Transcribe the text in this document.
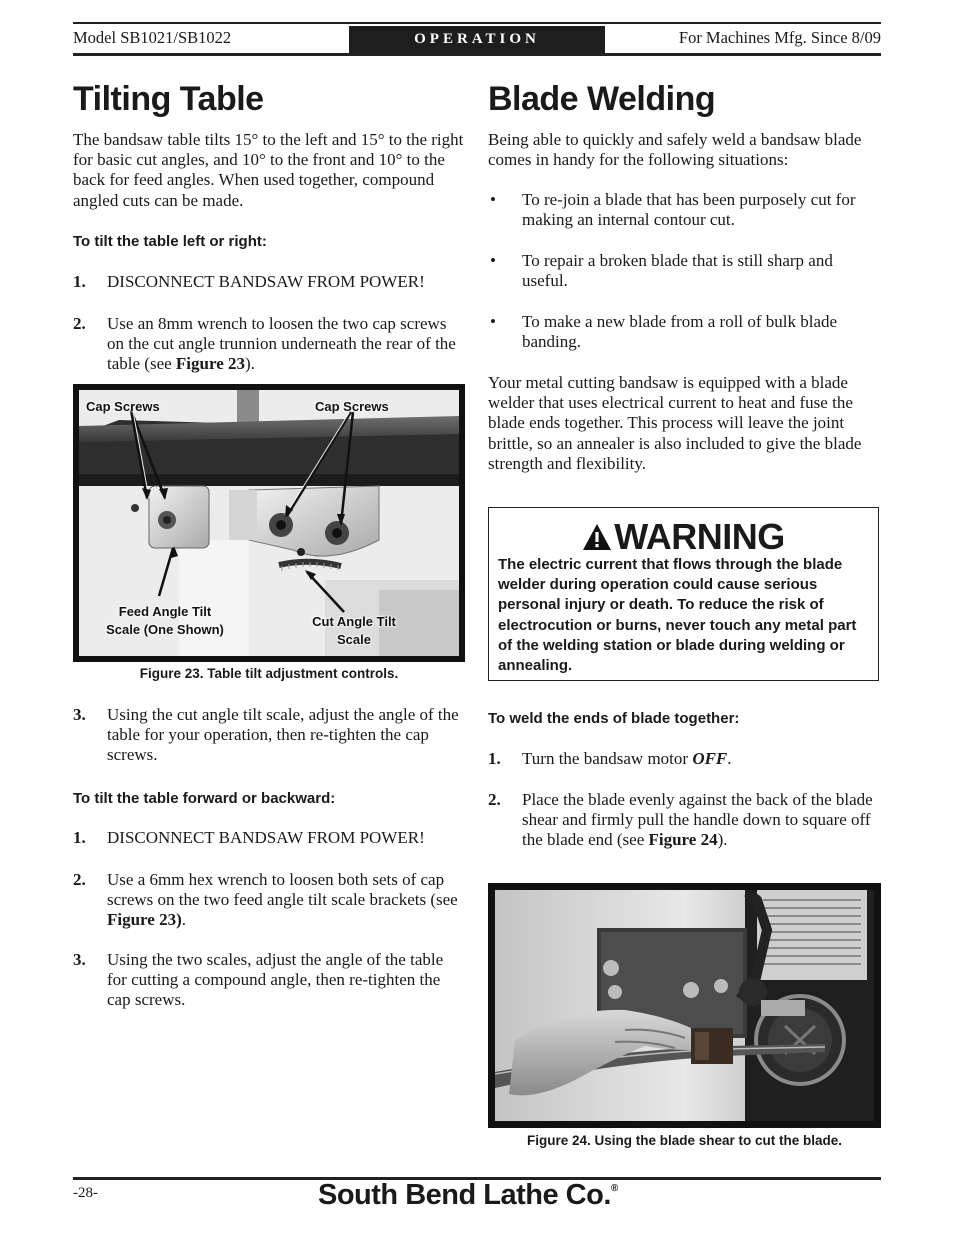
Model SB1021/SB1022	OPERATION	For Machines Mfg. Since 8/09
Tilting Table
The bandsaw table tilts 15° to the left and 15° to the right for basic cut angles, and 10° to the front and 10° to the back for feed angles. When used together, compound angled cuts can be made.
To tilt the table left or right:
1. DISCONNECT BANDSAW FROM POWER!
2. Use an 8mm wrench to loosen the two cap screws on the cut angle trunnion underneath the rear of the table (see Figure 23).
Cap Screws	Cap Screws
Feed Angle Tilt
Scale (One Shown)
Cut Angle Tilt
Scale
Figure 23. Table tilt adjustment controls.
3. Using the cut angle tilt scale, adjust the angle of the table for your operation, then re-tighten the cap screws.
To tilt the table forward or backward:
1. DISCONNECT BANDSAW FROM POWER!
2. Use a 6mm hex wrench to loosen both sets of cap screws on the two feed angle tilt scale brackets (see Figure 23).
3. Using the two scales, adjust the angle of the table for cutting a compound angle, then re-tighten the cap screws.
Blade Welding
Being able to quickly and safely weld a bandsaw blade comes in handy for the following situations:
• To re-join a blade that has been purposely cut for making an internal contour cut.
• To repair a broken blade that is still sharp and useful.
• To make a new blade from a roll of bulk blade banding.
Your metal cutting bandsaw is equipped with a blade welder that uses electrical current to heat and fuse the blade ends together. This process will leave the joint brittle, so an annealer is also included to give the blade strength and flexibility.
WARNING
The electric current that flows through the blade welder during operation could cause serious personal injury or death. To reduce the risk of electrocution or burns, never touch any metal part of the welding station or blade during welding or annealing.
To weld the ends of blade together:
1. Turn the bandsaw motor OFF.
2. Place the blade evenly against the back of the blade shear and firmly pull the handle down to square off the blade end (see Figure 24).
Figure 24. Using the blade shear to cut the blade.
-28-	South Bend Lathe Co.®
